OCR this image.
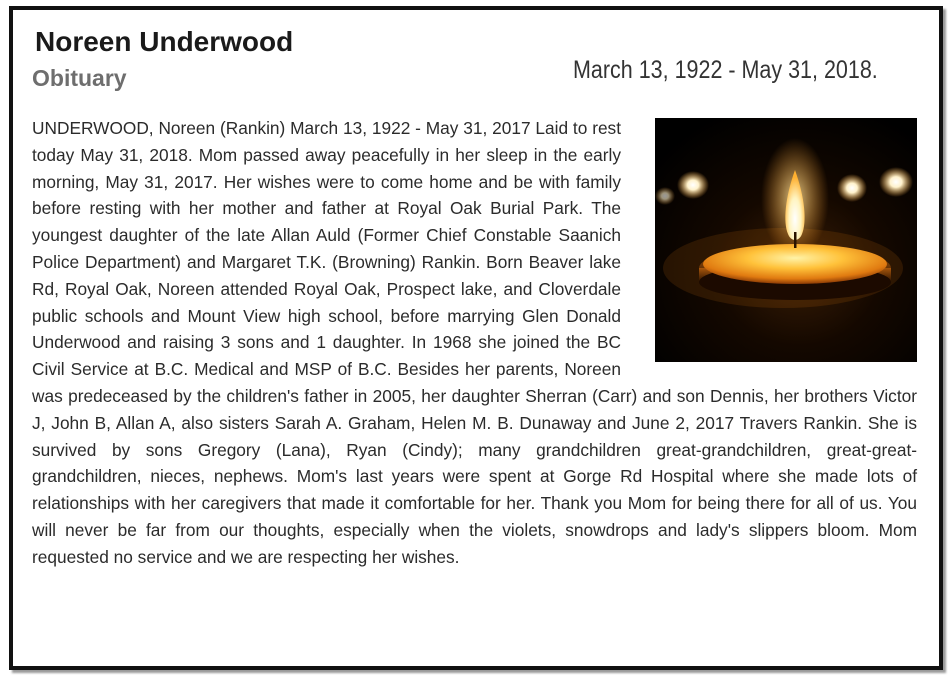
Noreen Underwood
Obituary	March 13, 1922 - May 31, 2018.

UNDERWOOD, Noreen (Rankin) March 13, 1922 - May 31, 2017 Laid to rest today May 31, 2018. Mom passed away peacefully in her sleep in the early morning, May 31, 2017. Her wishes were to come home and be with family before resting with her mother and father at Royal Oak Burial Park. The youngest daughter of the late Allan Auld (Former Chief Constable Saanich Police Department) and Margaret T.K. (Browning) Rankin. Born Beaver lake Rd, Royal Oak, Noreen attended Royal Oak, Prospect lake, and Cloverdale public schools and Mount View high school, before marrying Glen Donald Underwood and raising 3 sons and 1 daughter. In 1968 she joined the BC Civil Service at B.C. Medical and MSP of B.C. Besides her parents, Noreen was predeceased by the children's father in 2005, her daughter Sherran (Carr) and son Dennis, her brothers Victor J, John B, Allan A, also sisters Sarah A. Graham, Helen M. B. Dunaway and June 2, 2017 Travers Rankin. She is survived by sons Gregory (Lana), Ryan (Cindy); many grandchildren great-grandchildren, great-great-grandchildren, nieces, nephews. Mom's last years were spent at Gorge Rd Hospital where she made lots of relationships with her caregivers that made it comfortable for her. Thank you Mom for being there for all of us. You will never be far from our thoughts, especially when the violets, snowdrops and lady's slippers bloom. Mom requested no service and we are respecting her wishes.
